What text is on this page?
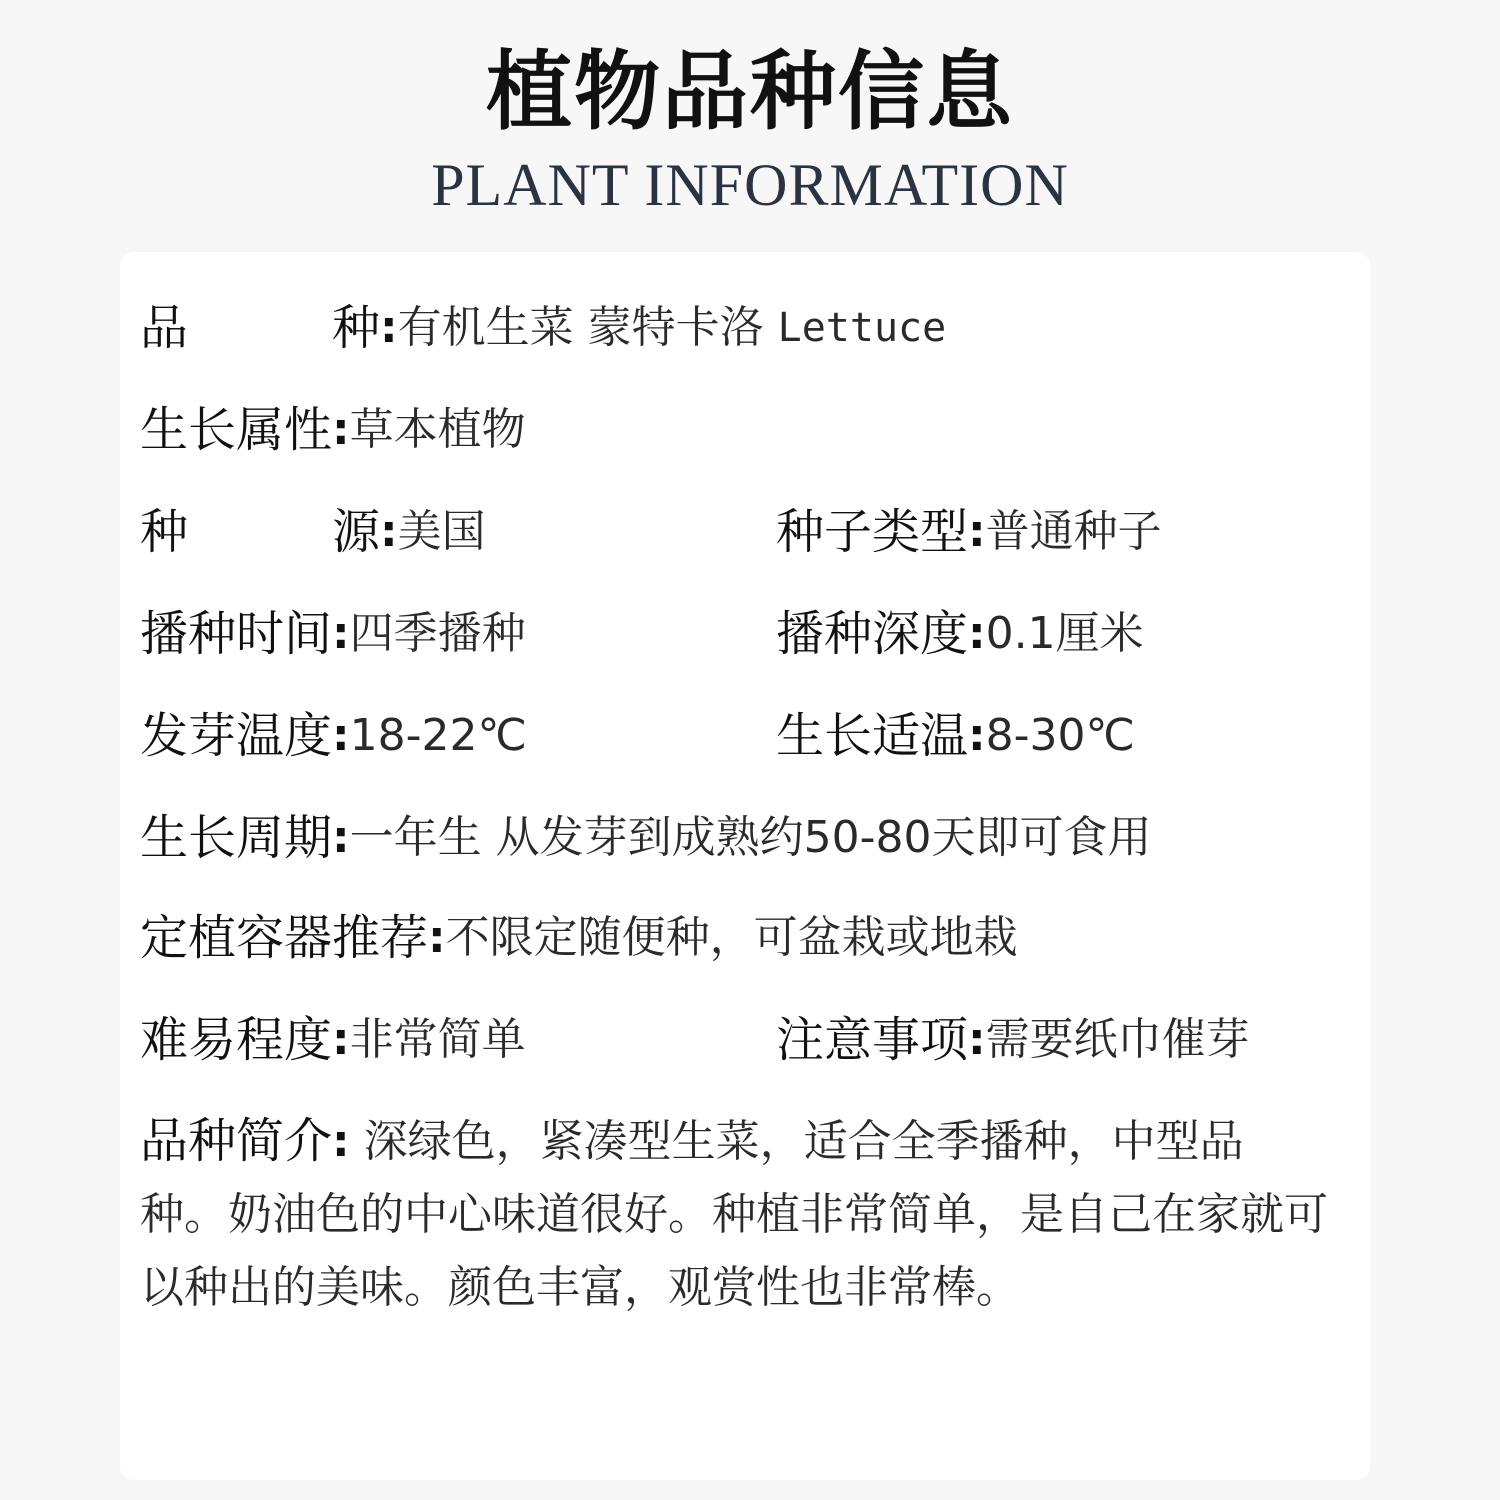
植物品种信息
PLANT INFORMATION
品	种 :有机生菜 蒙特卡洛 Lettuce
生长属性:草本植物
种	源 :美国	种子类型:普通种子
播种时间:四季播种	播种深度:0.1厘米
发芽温度:18-22℃	生长适温:8-30℃
生长周期:一年生 从发芽到成熟约50-80天即可食用
定植容器推荐:不限定随便种，可盆栽或地栽
难易程度:非常简单	注意事项:需要纸巾催芽
品种简介: 深绿色，紧凑型生菜，适合全季播种，中型品种。奶油色的中心味道很好。种植非常简单，是自己在家就可以种出的美味。颜色丰富，观赏性也非常棒。
